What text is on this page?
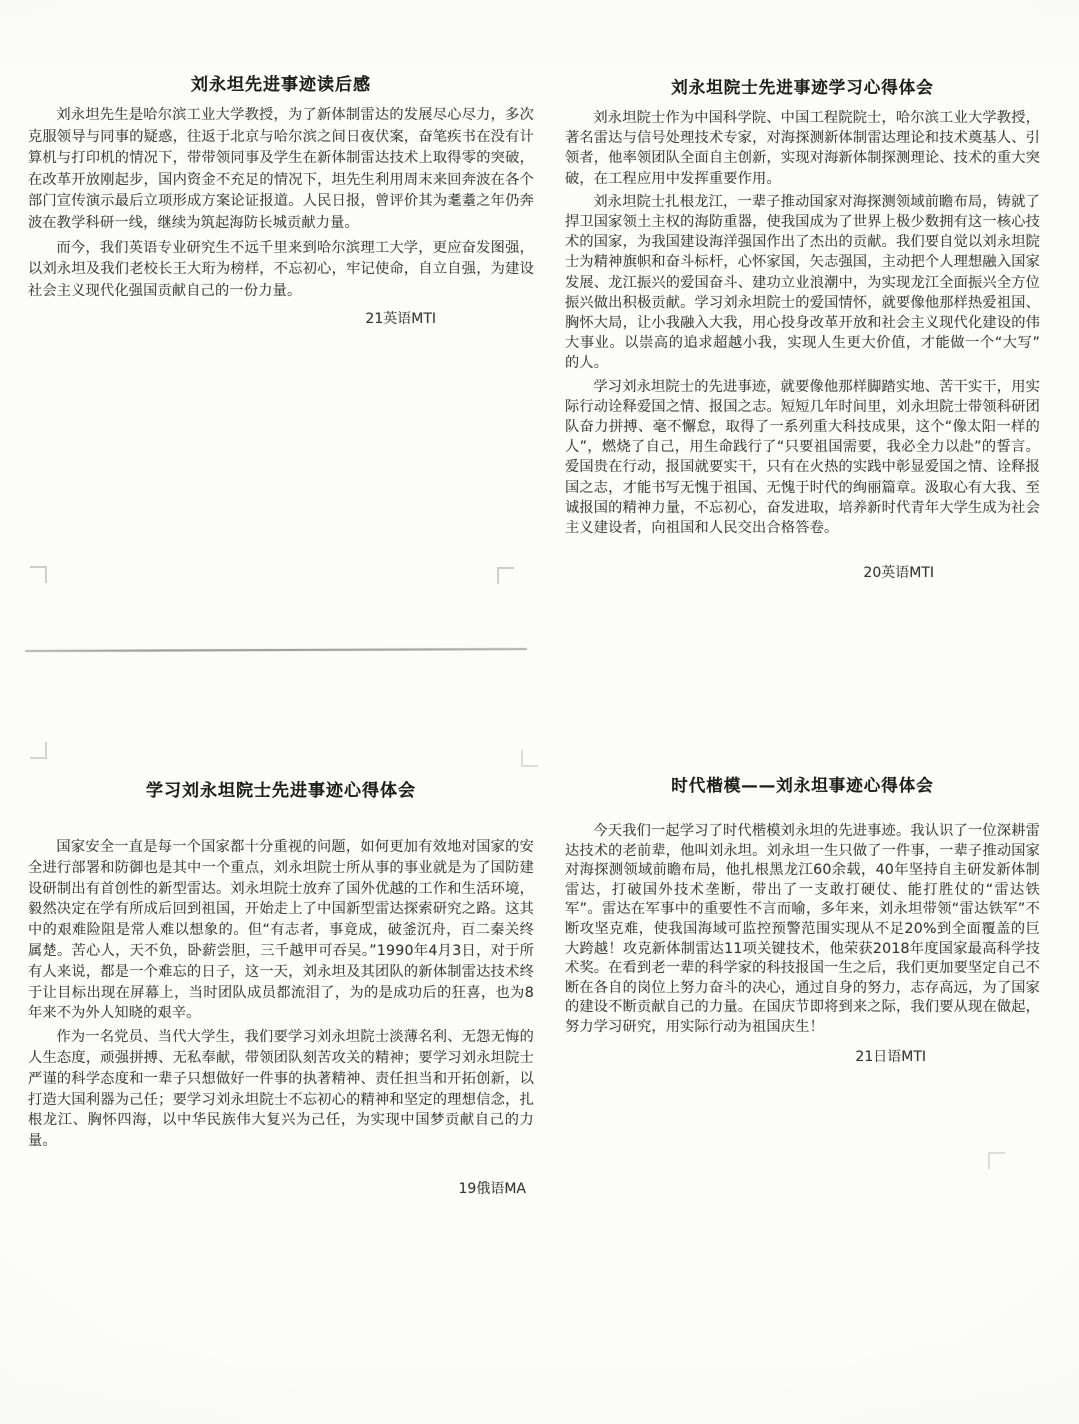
刘永坦先进事迹读后感

刘永坦先生是哈尔滨工业大学教授，为了新体制雷达的发展尽心尽力，多次克服领导与同事的疑惑，往返于北京与哈尔滨之间日夜伏案，奋笔疾书在没有计算机与打印机的情况下，带带领同事及学生在新体制雷达技术上取得零的突破，在改革开放刚起步，国内资金不充足的情况下，坦先生利用周末来回奔波在各个部门宣传演示最后立项形成方案论证报道。人民日报，曾评价其为耄耋之年仍奔波在教学科研一线，继续为筑起海防长城贡献力量。

而今，我们英语专业研究生不远千里来到哈尔滨理工大学，更应奋发图强，以刘永坦及我们老校长王大珩为榜样，不忘初心，牢记使命，自立自强，为建设社会主义现代化强国贡献自己的一份力量。

21英语MTI
刘永坦院士先进事迹学习心得体会

刘永坦院士作为中国科学院、中国工程院院士，哈尔滨工业大学教授，著名雷达与信号处理技术专家，对海探测新体制雷达理论和技术奠基人、引领者，他率领团队全面自主创新，实现对海新体制探测理论、技术的重大突破，在工程应用中发挥重要作用。

刘永坦院士扎根龙江，一辈子推动国家对海探测领域前瞻布局，铸就了捍卫国家领土主权的海防重器，使我国成为了世界上极少数拥有这一核心技术的国家，为我国建设海洋强国作出了杰出的贡献。我们要自觉以刘永坦院士为精神旗帜和奋斗标杆，心怀家国，矢志强国，主动把个人理想融入国家发展、龙江振兴的爱国奋斗、建功立业浪潮中，为实现龙江全面振兴全方位振兴做出积极贡献。学习刘永坦院士的爱国情怀，就要像他那样热爱祖国、胸怀大局，让小我融入大我，用心投身改革开放和社会主义现代化建设的伟大事业。以崇高的追求超越小我，实现人生更大价值，才能做一个“大写”的人。

学习刘永坦院士的先进事迹，就要像他那样脚踏实地、苦干实干，用实际行动诠释爱国之情、报国之志。短短几年时间里，刘永坦院士带领科研团队奋力拼搏、毫不懈怠，取得了一系列重大科技成果，这个“像太阳一样的人”，燃烧了自己，用生命践行了“只要祖国需要，我必全力以赴”的誓言。爱国贵在行动，报国就要实干，只有在火热的实践中彰显爱国之情、诠释报国之志，才能书写无愧于祖国、无愧于时代的绚丽篇章。汲取心有大我、至诚报国的精神力量，不忘初心，奋发进取，培养新时代青年大学生成为社会主义建设者，向祖国和人民交出合格答卷。

20英语MTI
学习刘永坦院士先进事迹心得体会

国家安全一直是每一个国家都十分重视的问题，如何更加有效地对国家的安全进行部署和防御也是其中一个重点，刘永坦院士所从事的事业就是为了国防建设研制出有首创性的新型雷达。刘永坦院士放弃了国外优越的工作和生活环境，毅然决定在学有所成后回到祖国，开始走上了中国新型雷达探索研究之路。这其中的艰难险阻是常人难以想象的。但“有志者，事竟成，破釜沉舟，百二秦关终属楚。苦心人，天不负，卧薪尝胆，三千越甲可吞吴。”1990年4月3日，对于所有人来说，都是一个难忘的日子，这一天，刘永坦及其团队的新体制雷达技术终于让目标出现在屏幕上，当时团队成员都流泪了，为的是成功后的狂喜，也为8年来不为外人知晓的艰辛。

作为一名党员、当代大学生，我们要学习刘永坦院士淡薄名利、无怨无悔的人生态度，顽强拼搏、无私奉献，带领团队刻苦攻关的精神；要学习刘永坦院士严谨的科学态度和一辈子只想做好一件事的执著精神、责任担当和开拓创新，以打造大国利器为己任；要学习刘永坦院士不忘初心的精神和坚定的理想信念，扎根龙江、胸怀四海，以中华民族伟大复兴为己任，为实现中国梦贡献自己的力量。

19俄语MA
时代楷模——刘永坦事迹心得体会

今天我们一起学习了时代楷模刘永坦的先进事迹。我认识了一位深耕雷达技术的老前辈，他叫刘永坦。刘永坦一生只做了一件事，一辈子推动国家对海探测领域前瞻布局，他扎根黑龙江60余载，40年坚持自主研发新体制雷达，打破国外技术垄断，带出了一支敢打硬仗、能打胜仗的“雷达铁军”。雷达在军事中的重要性不言而喻，多年来，刘永坦带领“雷达铁军”不断攻坚克难，使我国海域可监控预警范围实现从不足20%到全面覆盖的巨大跨越！攻克新体制雷达11项关键技术，他荣获2018年度国家最高科学技术奖。在看到老一辈的科学家的科技报国一生之后，我们更加要坚定自己不断在各自的岗位上努力奋斗的决心，通过自身的努力，志存高远，为了国家的建设不断贡献自己的力量。在国庆节即将到来之际，我们要从现在做起，努力学习研究，用实际行动为祖国庆生！

21日语MTI
